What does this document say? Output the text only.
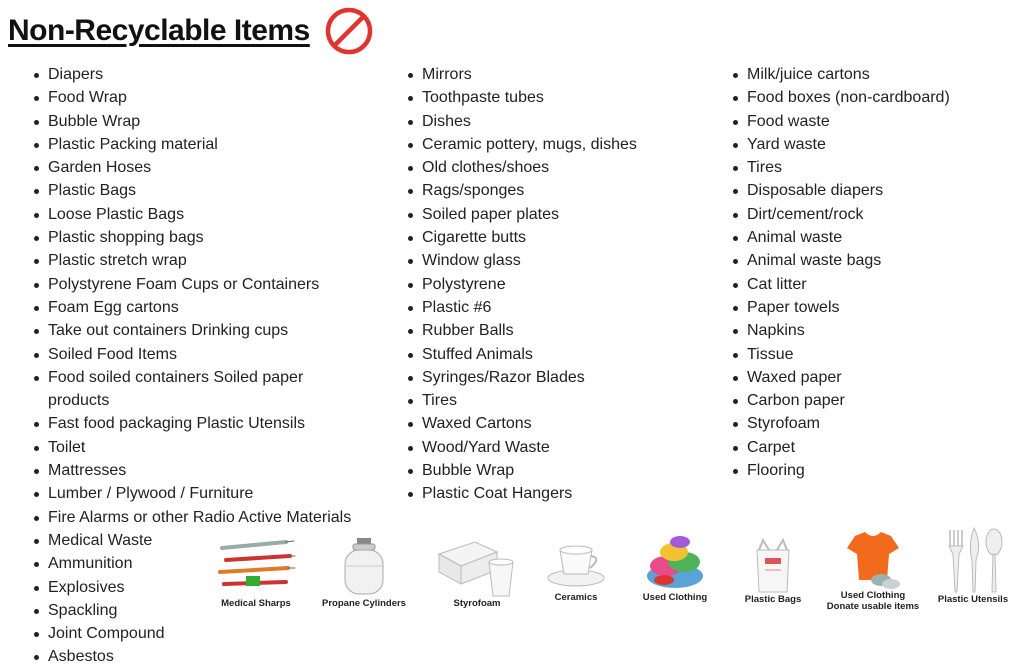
Non-Recyclable Items
Diapers
Food Wrap
Bubble Wrap
Plastic Packing material
Garden Hoses
Plastic Bags
Loose Plastic Bags
Plastic shopping bags
Plastic stretch wrap
Polystyrene Foam Cups or Containers
Foam Egg cartons
Take out containers Drinking cups
Soiled Food Items
Food soiled containers Soiled paper products
Fast food packaging Plastic Utensils
Toilet
Mattresses
Lumber / Plywood / Furniture
Fire Alarms or other Radio Active Materials
Medical Waste
Ammunition
Explosives
Spackling
Joint Compound
Asbestos
Mirrors
Toothpaste tubes
Dishes
Ceramic pottery, mugs, dishes
Old clothes/shoes
Rags/sponges
Soiled paper plates
Cigarette butts
Window glass
Polystyrene
Plastic #6
Rubber Balls
Stuffed Animals
Syringes/Razor Blades
Tires
Waxed Cartons
Wood/Yard Waste
Bubble Wrap
Plastic Coat Hangers
Milk/juice cartons
Food boxes (non-cardboard)
Food waste
Yard waste
Tires
Disposable diapers
Dirt/cement/rock
Animal waste
Animal waste bags
Cat litter
Paper towels
Napkins
Tissue
Waxed paper
Carbon paper
Styrofoam
Carpet
Flooring
Medical Sharps	Propane Cylinders	Styrofoam
Ceramics	Used Clothing	Plastic Bags	Used Clothing
Donate usable items
Plastic Utensils
